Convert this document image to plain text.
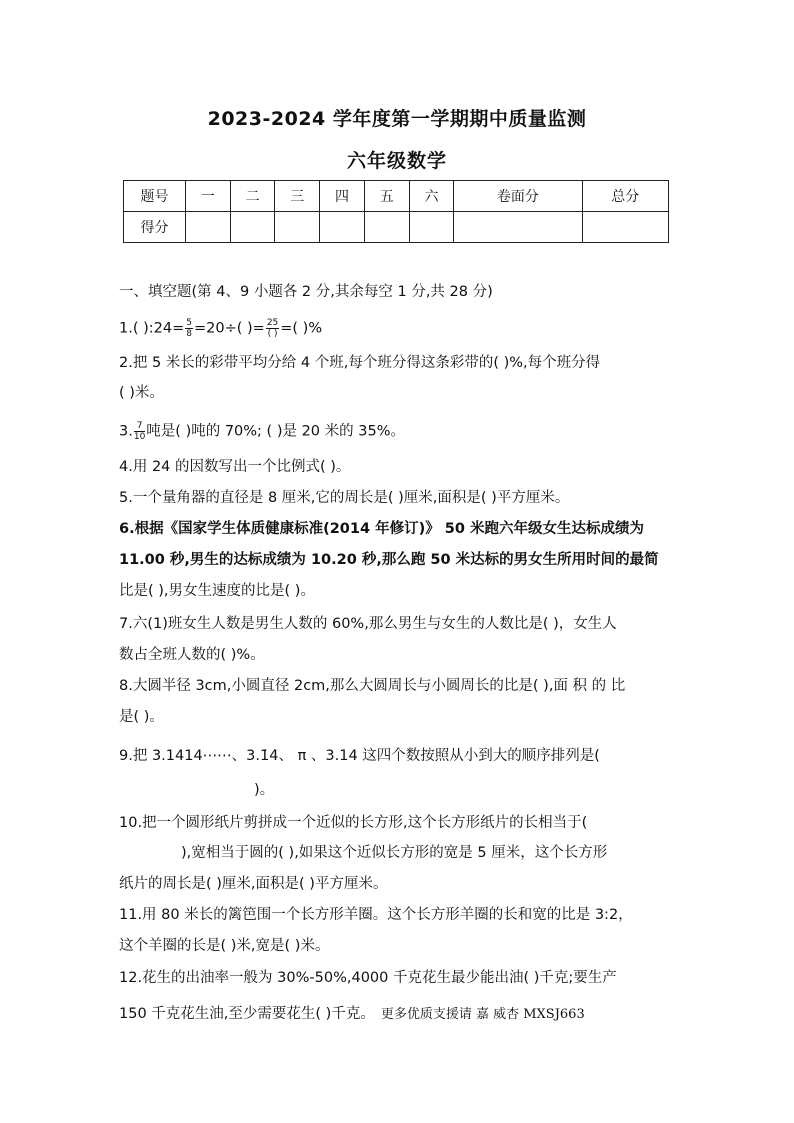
2023-2024 学年度第一学期期中质量监测
六年级数学
题号	一	二	三	四	五	六	卷面分	总分
得分								
一、填空题(第 4、9 小题各 2 分,其余每空 1 分,共 28 分)
1.( ):24= $\frac{5}{8} =20\div$( )= $\frac{25}{( )}$ =( )%
2.把 5 米长的彩带平均分给 4 个班,每个班分得这条彩带的( )%,每个班分得
( )米。
3. $\frac{7}{10}$ 吨是( )吨的 70%; ( )是 20 米的 35%。
4.用 24 的因数写出一个比例式( )。
5.一个量角器的直径是 8 厘米,它的周长是( )厘米,面积是( )平方厘米。
6.根据《国家学生体质健康标准(2014 年修订)》 50 米跑六年级女生达标成绩为
11.00 秒,男生的达标成绩为 10.20 秒,那么跑 50 米达标的男女生所用时间的最简
比是( ),男女生速度的比是( )。
7.六(1)班女生人数是男生人数的 60%,那么男生与女生的人数比是( )，女生人
数占全班人数的( )%。
8.大圆半径 3cm,小圆直径 2cm,那么大圆周长与小圆周长的比是( ),面 积 的 比
是( )。
9.把 3.1414⋯⋯、3.1̇4̇、 π 、3.14 这四个数按照从小到大的顺序排列是(
)。
10.把一个圆形纸片剪拼成一个近似的长方形,这个长方形纸片的长相当于(
),宽相当于圆的( ),如果这个近似长方形的宽是 5 厘米，这个长方形
纸片的周长是( )厘米,面积是( )平方厘米。
11.用 80 米长的篱笆围一个长方形羊圈。这个长方形羊圈的长和宽的比是 3:2，
这个羊圈的长是( )米,宽是( )米。
12.花生的出油率一般为 30%-50%,4000 千克花生最少能出油( )千克;要生产
150 千克花生油,至少需要花生( )千克。 更多优质支援请 嘉 威杏 MXSJ663
